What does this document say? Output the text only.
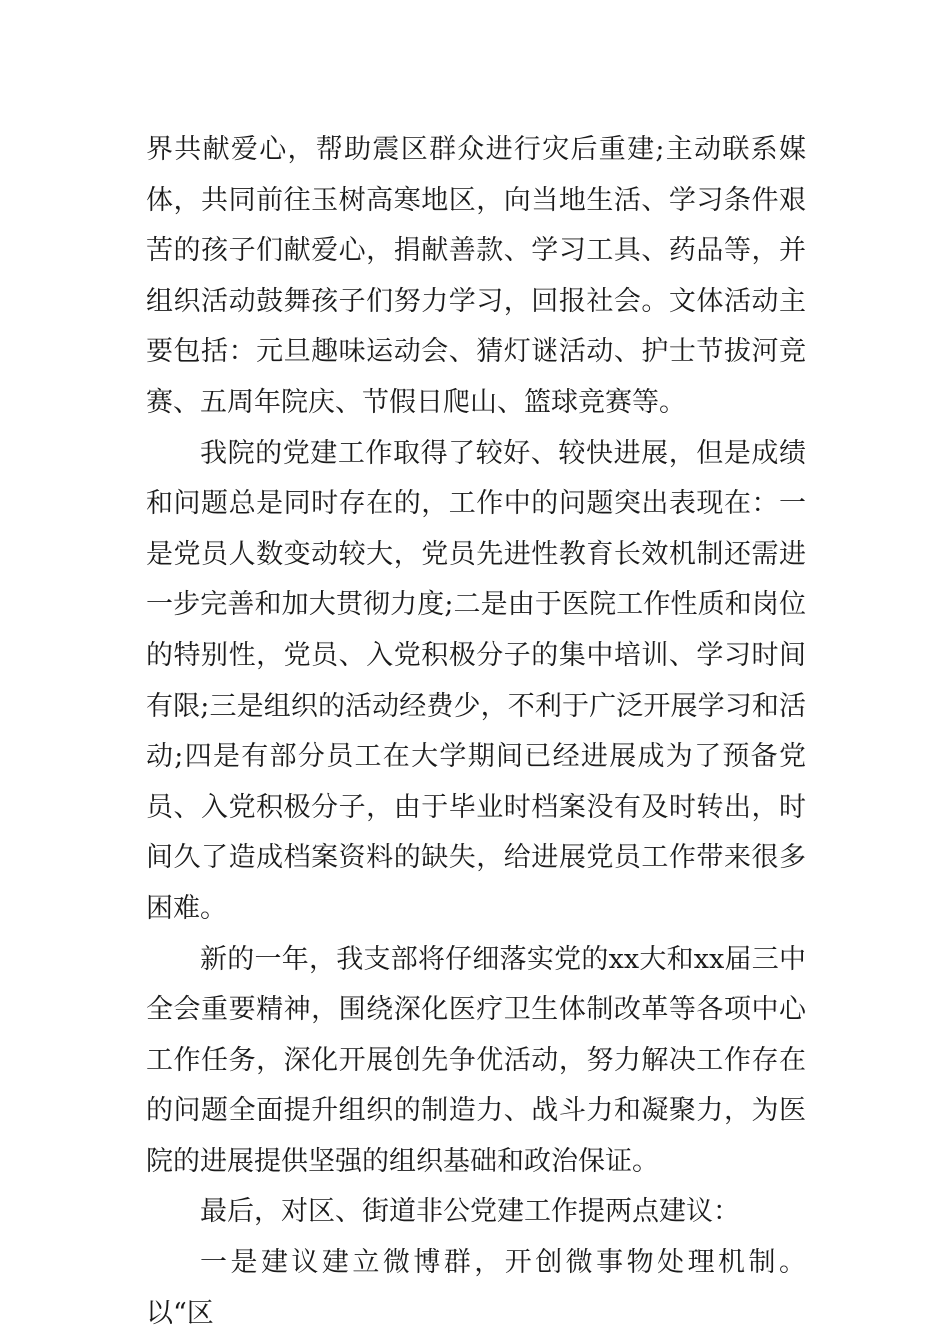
界共献爱心，帮助震区群众进行灾后重建;主动联系媒体，共同前往玉树高寒地区，向当地生活、学习条件艰苦的孩子们献爱心，捐献善款、学习工具、药品等，并组织活动鼓舞孩子们努力学习，回报社会。文体活动主要包括：元旦趣味运动会、猜灯谜活动、护士节拔河竞赛、五周年院庆、节假日爬山、篮球竞赛等。

我院的党建工作取得了较好、较快进展，但是成绩和问题总是同时存在的，工作中的问题突出表现在：一是党员人数变动较大，党员先进性教育长效机制还需进一步完善和加大贯彻力度;二是由于医院工作性质和岗位的特别性，党员、入党积极分子的集中培训、学习时间有限;三是组织的活动经费少，不利于广泛开展学习和活动;四是有部分员工在大学期间已经进展成为了预备党员、入党积极分子，由于毕业时档案没有及时转出，时间久了造成档案资料的缺失，给进展党员工作带来很多困难。

新的一年，我支部将仔细落实党的xx大和xx届三中全会重要精神，围绕深化医疗卫生体制改革等各项中心工作任务，深化开展创先争优活动，努力解决工作存在的问题全面提升组织的制造力、战斗力和凝聚力，为医院的进展提供坚强的组织基础和政治保证。

最后，对区、街道非公党建工作提两点建议：

一是建议建立微博群，开创微事物处理机制。以“区
